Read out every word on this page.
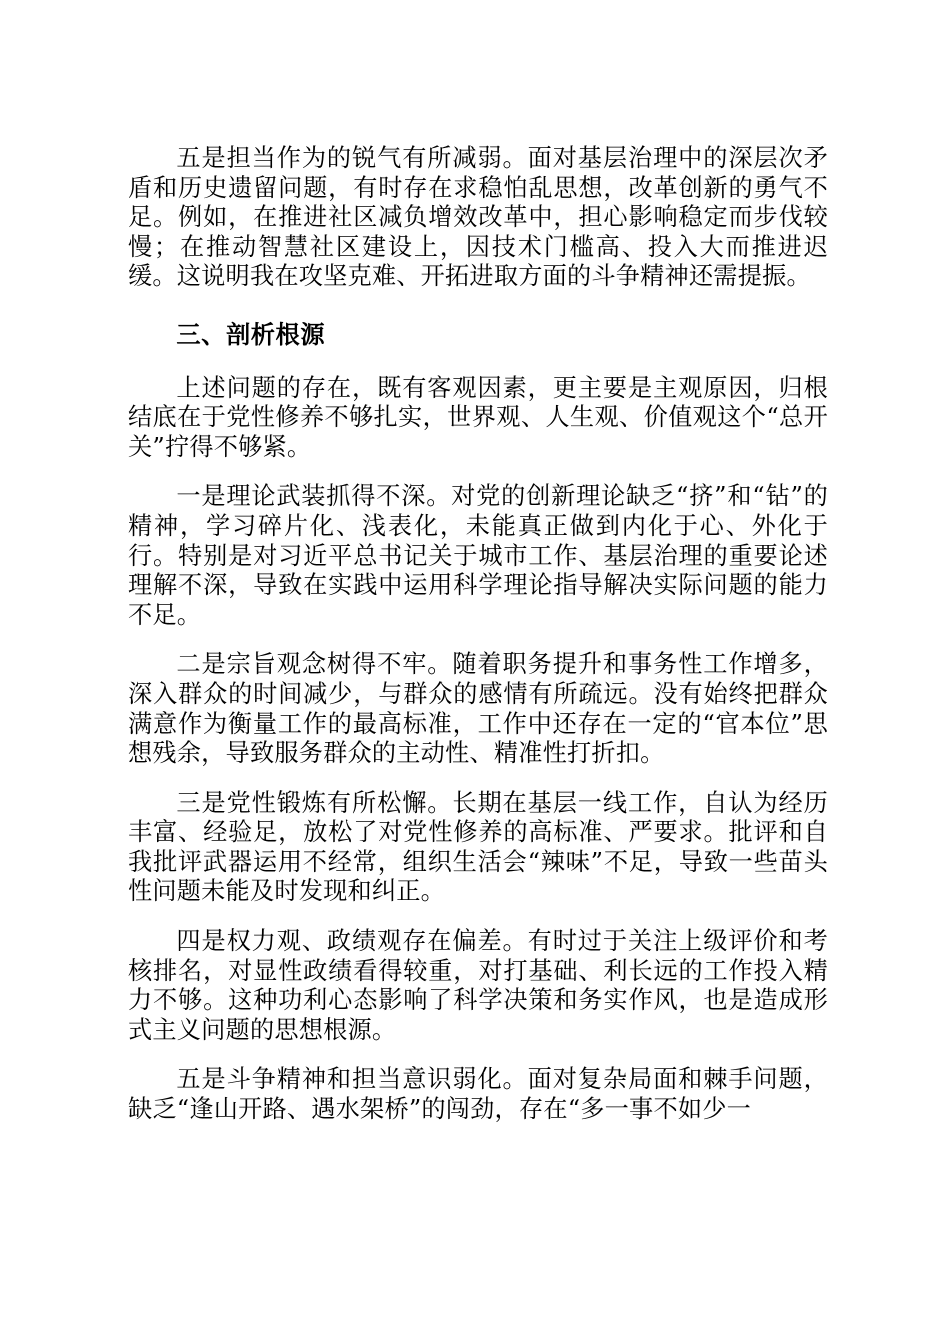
五是担当作为的锐气有所减弱。面对基层治理中的深层次矛盾和历史遗留问题，有时存在求稳怕乱思想，改革创新的勇气不足。例如，在推进社区减负增效改革中，担心影响稳定而步伐较慢；在推动智慧社区建设上，因技术门槛高、投入大而推进迟缓。这说明我在攻坚克难、开拓进取方面的斗争精神还需提振。

三、剖析根源

上述问题的存在，既有客观因素，更主要是主观原因，归根结底在于党性修养不够扎实，世界观、人生观、价值观这个“总开关”拧得不够紧。

一是理论武装抓得不深。对党的创新理论缺乏“挤”和“钻”的精神，学习碎片化、浅表化，未能真正做到内化于心、外化于行。特别是对习近平总书记关于城市工作、基层治理的重要论述理解不深，导致在实践中运用科学理论指导解决实际问题的能力不足。

二是宗旨观念树得不牢。随着职务提升和事务性工作增多，深入群众的时间减少，与群众的感情有所疏远。没有始终把群众满意作为衡量工作的最高标准，工作中还存在一定的“官本位”思想残余，导致服务群众的主动性、精准性打折扣。

三是党性锻炼有所松懈。长期在基层一线工作，自认为经历丰富、经验足，放松了对党性修养的高标准、严要求。批评和自我批评武器运用不经常，组织生活会“辣味”不足，导致一些苗头性问题未能及时发现和纠正。

四是权力观、政绩观存在偏差。有时过于关注上级评价和考核排名，对显性政绩看得较重，对打基础、利长远的工作投入精力不够。这种功利心态影响了科学决策和务实作风，也是造成形式主义问题的思想根源。

五是斗争精神和担当意识弱化。面对复杂局面和棘手问题，缺乏“逢山开路、遇水架桥”的闯劲，存在“多一事不如少一
